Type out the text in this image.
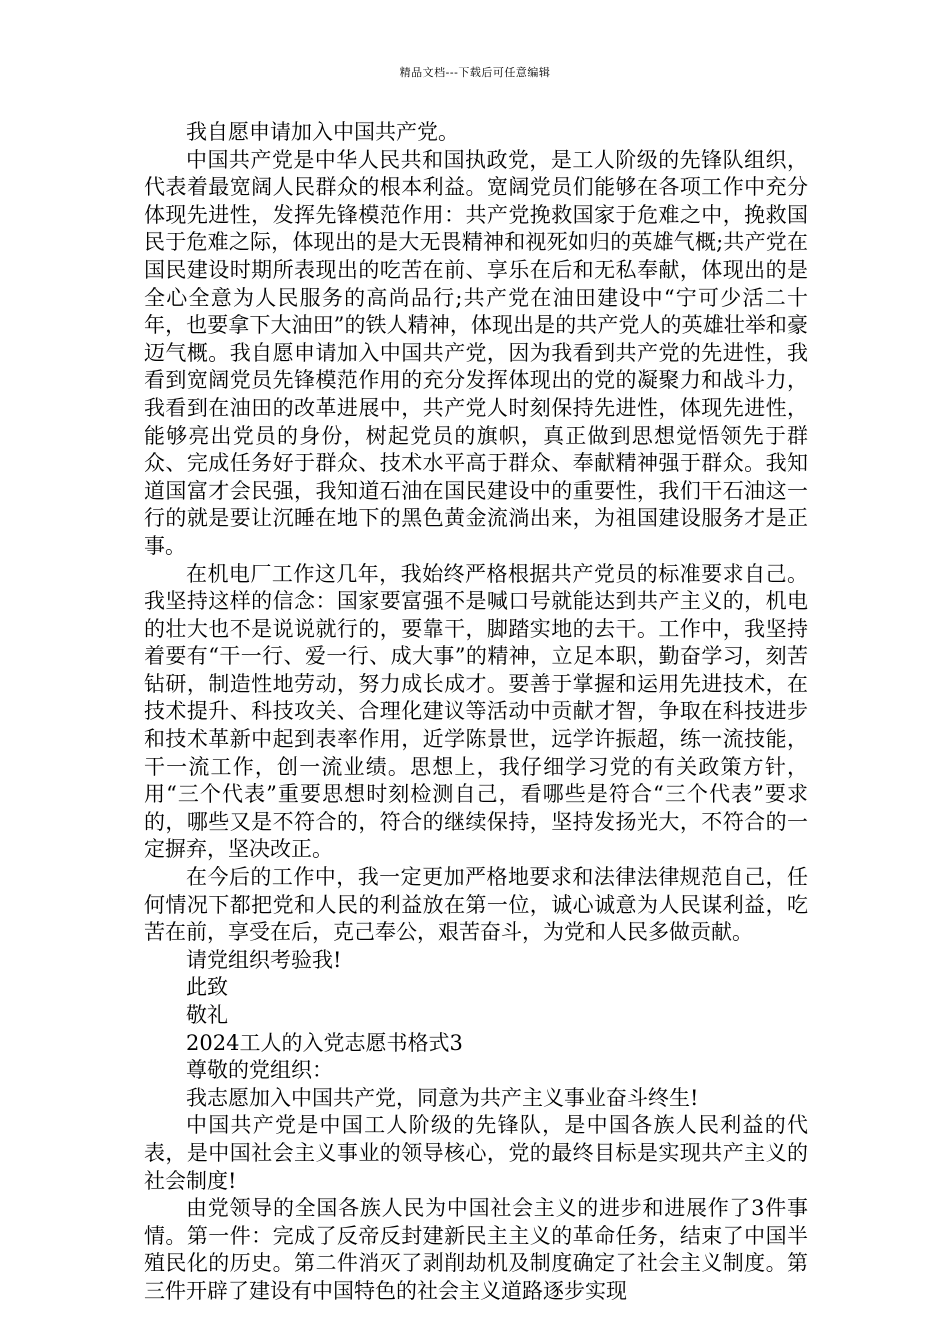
精品文档---下载后可任意编辑

我自愿申请加入中国共产党。

中国共产党是中华人民共和国执政党，是工人阶级的先锋队组织，代表着最宽阔人民群众的根本利益。宽阔党员们能够在各项工作中充分体现先进性，发挥先锋模范作用：共产党挽救国家于危难之中，挽救国民于危难之际，体现出的是大无畏精神和视死如归的英雄气概;共产党在国民建设时期所表现出的吃苦在前、享乐在后和无私奉献，体现出的是全心全意为人民服务的高尚品行;共产党在油田建设中“宁可少活二十年，也要拿下大油田”的铁人精神，体现出是的共产党人的英雄壮举和豪迈气概。我自愿申请加入中国共产党，因为我看到共产党的先进性，我看到宽阔党员先锋模范作用的充分发挥体现出的党的凝聚力和战斗力，我看到在油田的改革进展中，共产党人时刻保持先进性，体现先进性，能够亮出党员的身份，树起党员的旗帜，真正做到思想觉悟领先于群众、完成任务好于群众、技术水平高于群众、奉献精神强于群众。我知道国富才会民强，我知道石油在国民建设中的重要性，我们干石油这一行的就是要让沉睡在地下的黑色黄金流淌出来，为祖国建设服务才是正事。

在机电厂工作这几年，我始终严格根据共产党员的标准要求自己。我坚持这样的信念：国家要富强不是喊口号就能达到共产主义的，机电的壮大也不是说说就行的，要靠干，脚踏实地的去干。工作中，我坚持着要有“干一行、爱一行、成大事”的精神，立足本职，勤奋学习，刻苦钻研，制造性地劳动，努力成长成才。要善于掌握和运用先进技术，在技术提升、科技攻关、合理化建议等活动中贡献才智，争取在科技进步和技术革新中起到表率作用，近学陈景世，远学许振超，练一流技能，干一流工作，创一流业绩。思想上，我仔细学习党的有关政策方针，用“三个代表”重要思想时刻检测自己，看哪些是符合“三个代表”要求的，哪些又是不符合的，符合的继续保持，坚持发扬光大，不符合的一定摒弃，坚决改正。

在今后的工作中，我一定更加严格地要求和法律法律规范自己，任何情况下都把党和人民的利益放在第一位，诚心诚意为人民谋利益，吃苦在前，享受在后，克己奉公，艰苦奋斗，为党和人民多做贡献。

请党组织考验我!

此致

敬礼

2024工人的入党志愿书格式3

尊敬的党组织：

我志愿加入中国共产党，同意为共产主义事业奋斗终生!

中国共产党是中国工人阶级的先锋队，是中国各族人民利益的代表，是中国社会主义事业的领导核心，党的最终目标是实现共产主义的社会制度!

由党领导的全国各族人民为中国社会主义的进步和进展作了3件事情。第一件：完成了反帝反封建新民主主义的革命任务，结束了中国半殖民化的历史。第二件消灭了剥削劫机及制度确定了社会主义制度。第三件开辟了建设有中国特色的社会主义道路逐步实现
